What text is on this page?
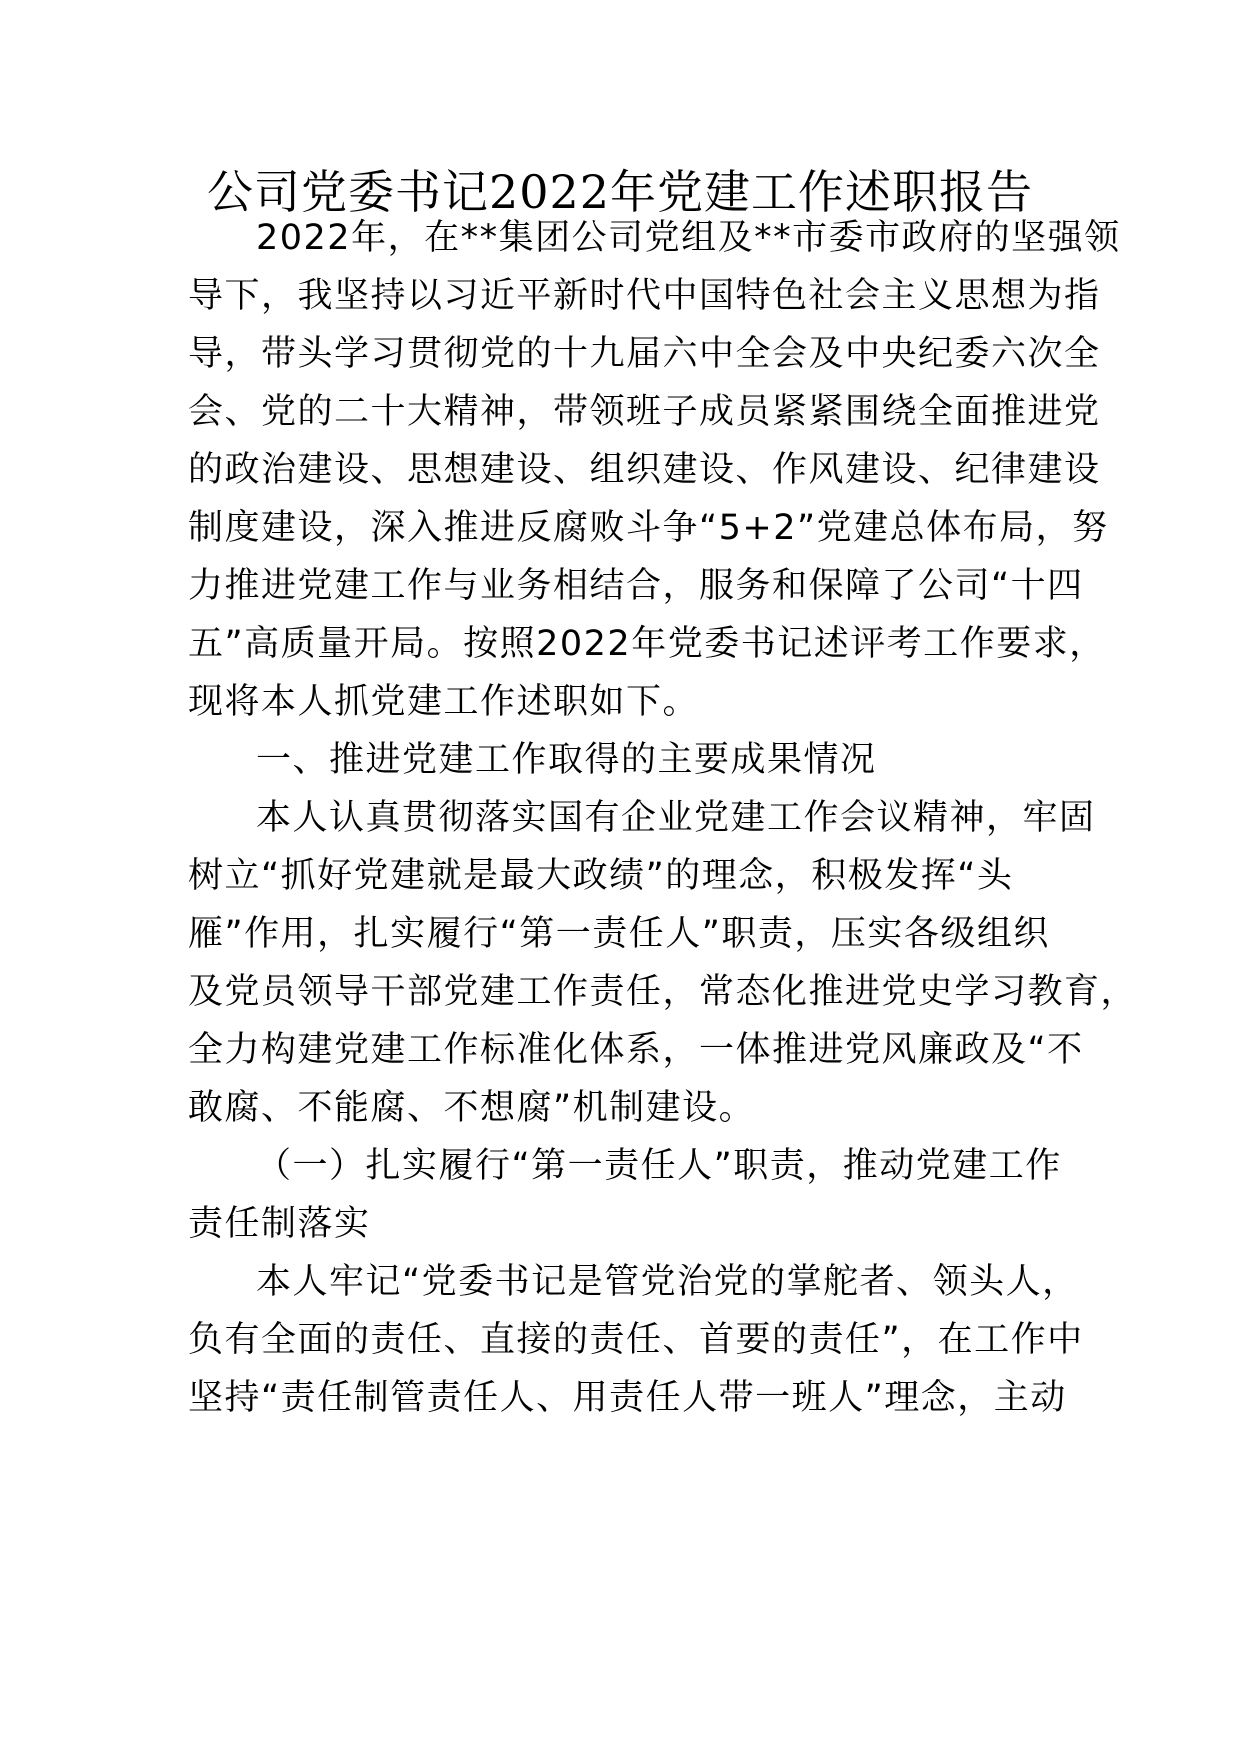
公司党委书记2022年党建工作述职报告
2022年，在**集团公司党组及**市委市政府的坚强领
导下，我坚持以习近平新时代中国特色社会主义思想为指
导，带头学习贯彻党的十九届六中全会及中央纪委六次全
会、党的二十大精神，带领班子成员紧紧围绕全面推进党
的政治建设、思想建设、组织建设、作风建设、纪律建设
制度建设，深入推进反腐败斗争“5+2”党建总体布局，努
力推进党建工作与业务相结合，服务和保障了公司“十四
五”高质量开局。按照2022年党委书记述评考工作要求，
现将本人抓党建工作述职如下。
一、推进党建工作取得的主要成果情况
本人认真贯彻落实国有企业党建工作会议精神，牢固
树立“抓好党建就是最大政绩”的理念，积极发挥“头
雁”作用，扎实履行“第一责任人”职责，压实各级组织
及党员领导干部党建工作责任，常态化推进党史学习教育，
全力构建党建工作标准化体系，一体推进党风廉政及“不
敢腐、不能腐、不想腐”机制建设。
（一）扎实履行“第一责任人”职责，推动党建工作
责任制落实
本人牢记“党委书记是管党治党的掌舵者、领头人，
负有全面的责任、直接的责任、首要的责任”，在工作中
坚持“责任制管责任人、用责任人带一班人”理念，主动
